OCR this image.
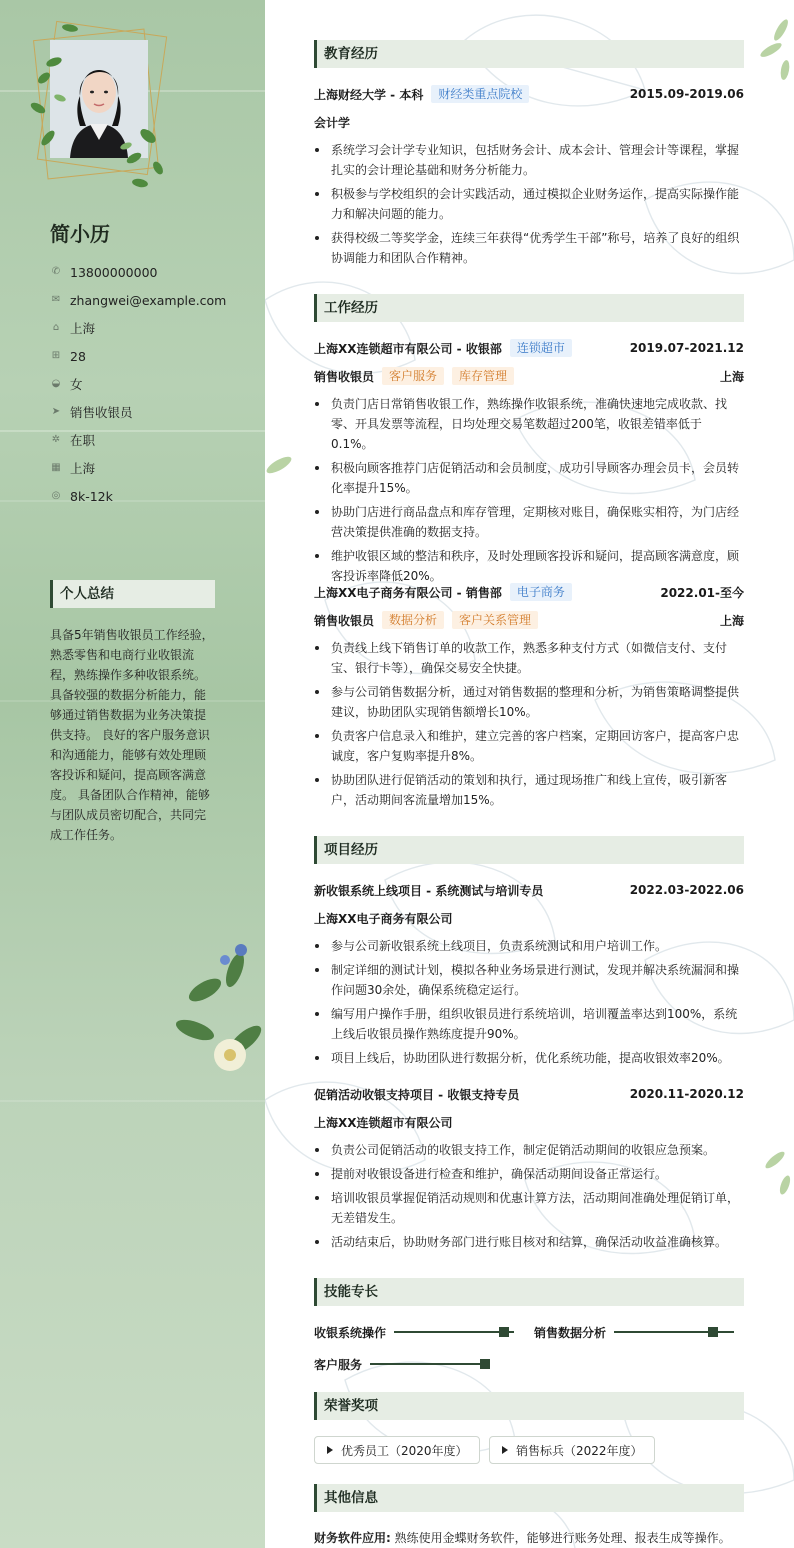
简小历
✆ 13800000000
✉ zhangwei@example.com
⌂ 上海
⊞ 28
◒ 女
➤ 销售收银员
✲ 在职
▦ 上海
◎ 8k-12k
个人总结
具备5年销售收银员工作经验，熟悉零售和电商行业收银流程，熟练操作多种收银系统。具备较强的数据分析能力，能够通过销售数据为业务决策提供支持。 良好的客户服务意识和沟通能力，能够有效处理顾客投诉和疑问，提高顾客满意度。 具备团队合作精神，能够与团队成员密切配合，共同完成工作任务。
教育经历
上海财经大学 - 本科	财经类重点院校	2015.09-2019.06
会计学
系统学习会计学专业知识，包括财务会计、成本会计、管理会计等课程，掌握扎实的会计理论基础和财务分析能力。
积极参与学校组织的会计实践活动，通过模拟企业财务运作，提高实际操作能力和解决问题的能力。
获得校级二等奖学金，连续三年获得“优秀学生干部”称号，培养了良好的组织协调能力和团队合作精神。
工作经历
上海XX连锁超市有限公司 - 收银部	连锁超市	2019.07-2021.12
销售收银员	客户服务	库存管理	上海
负责门店日常销售收银工作，熟练操作收银系统，准确快速地完成收款、找零、开具发票等流程，日均处理交易笔数超过200笔，收银差错率低于0.1%。
积极向顾客推荐门店促销活动和会员制度，成功引导顾客办理会员卡，会员转化率提升15%。
协助门店进行商品盘点和库存管理，定期核对账目，确保账实相符，为门店经营决策提供准确的数据支持。
维护收银区域的整洁和秩序，及时处理顾客投诉和疑问，提高顾客满意度，顾客投诉率降低20%。
上海XX电子商务有限公司 - 销售部	电子商务	2022.01-至今
销售收银员	数据分析	客户关系管理	上海
负责线上线下销售订单的收款工作，熟悉多种支付方式（如微信支付、支付宝、银行卡等），确保交易安全快捷。
参与公司销售数据分析，通过对销售数据的整理和分析，为销售策略调整提供建议，协助团队实现销售额增长10%。
负责客户信息录入和维护，建立完善的客户档案，定期回访客户，提高客户忠诚度，客户复购率提升8%。
协助团队进行促销活动的策划和执行，通过现场推广和线上宣传，吸引新客户，活动期间客流量增加15%。
项目经历
新收银系统上线项目 - 系统测试与培训专员	2022.03-2022.06
上海XX电子商务有限公司
参与公司新收银系统上线项目，负责系统测试和用户培训工作。
制定详细的测试计划，模拟各种业务场景进行测试，发现并解决系统漏洞和操作问题30余处，确保系统稳定运行。
编写用户操作手册，组织收银员进行系统培训，培训覆盖率达到100%，系统上线后收银员操作熟练度提升90%。
项目上线后，协助团队进行数据分析，优化系统功能，提高收银效率20%。
促销活动收银支持项目 - 收银支持专员	2020.11-2020.12
上海XX连锁超市有限公司
负责公司促销活动的收银支持工作，制定促销活动期间的收银应急预案。
提前对收银设备进行检查和维护，确保活动期间设备正常运行。
培训收银员掌握促销活动规则和优惠计算方法，活动期间准确处理促销订单，无差错发生。
活动结束后，协助财务部门进行账目核对和结算，确保活动收益准确核算。
技能专长
收银系统操作	销售数据分析
客户服务
荣誉奖项
优秀员工（2020年度）	销售标兵（2022年度）
其他信息
财务软件应用: 熟练使用金蝶财务软件，能够进行账务处理、报表生成等操作。
